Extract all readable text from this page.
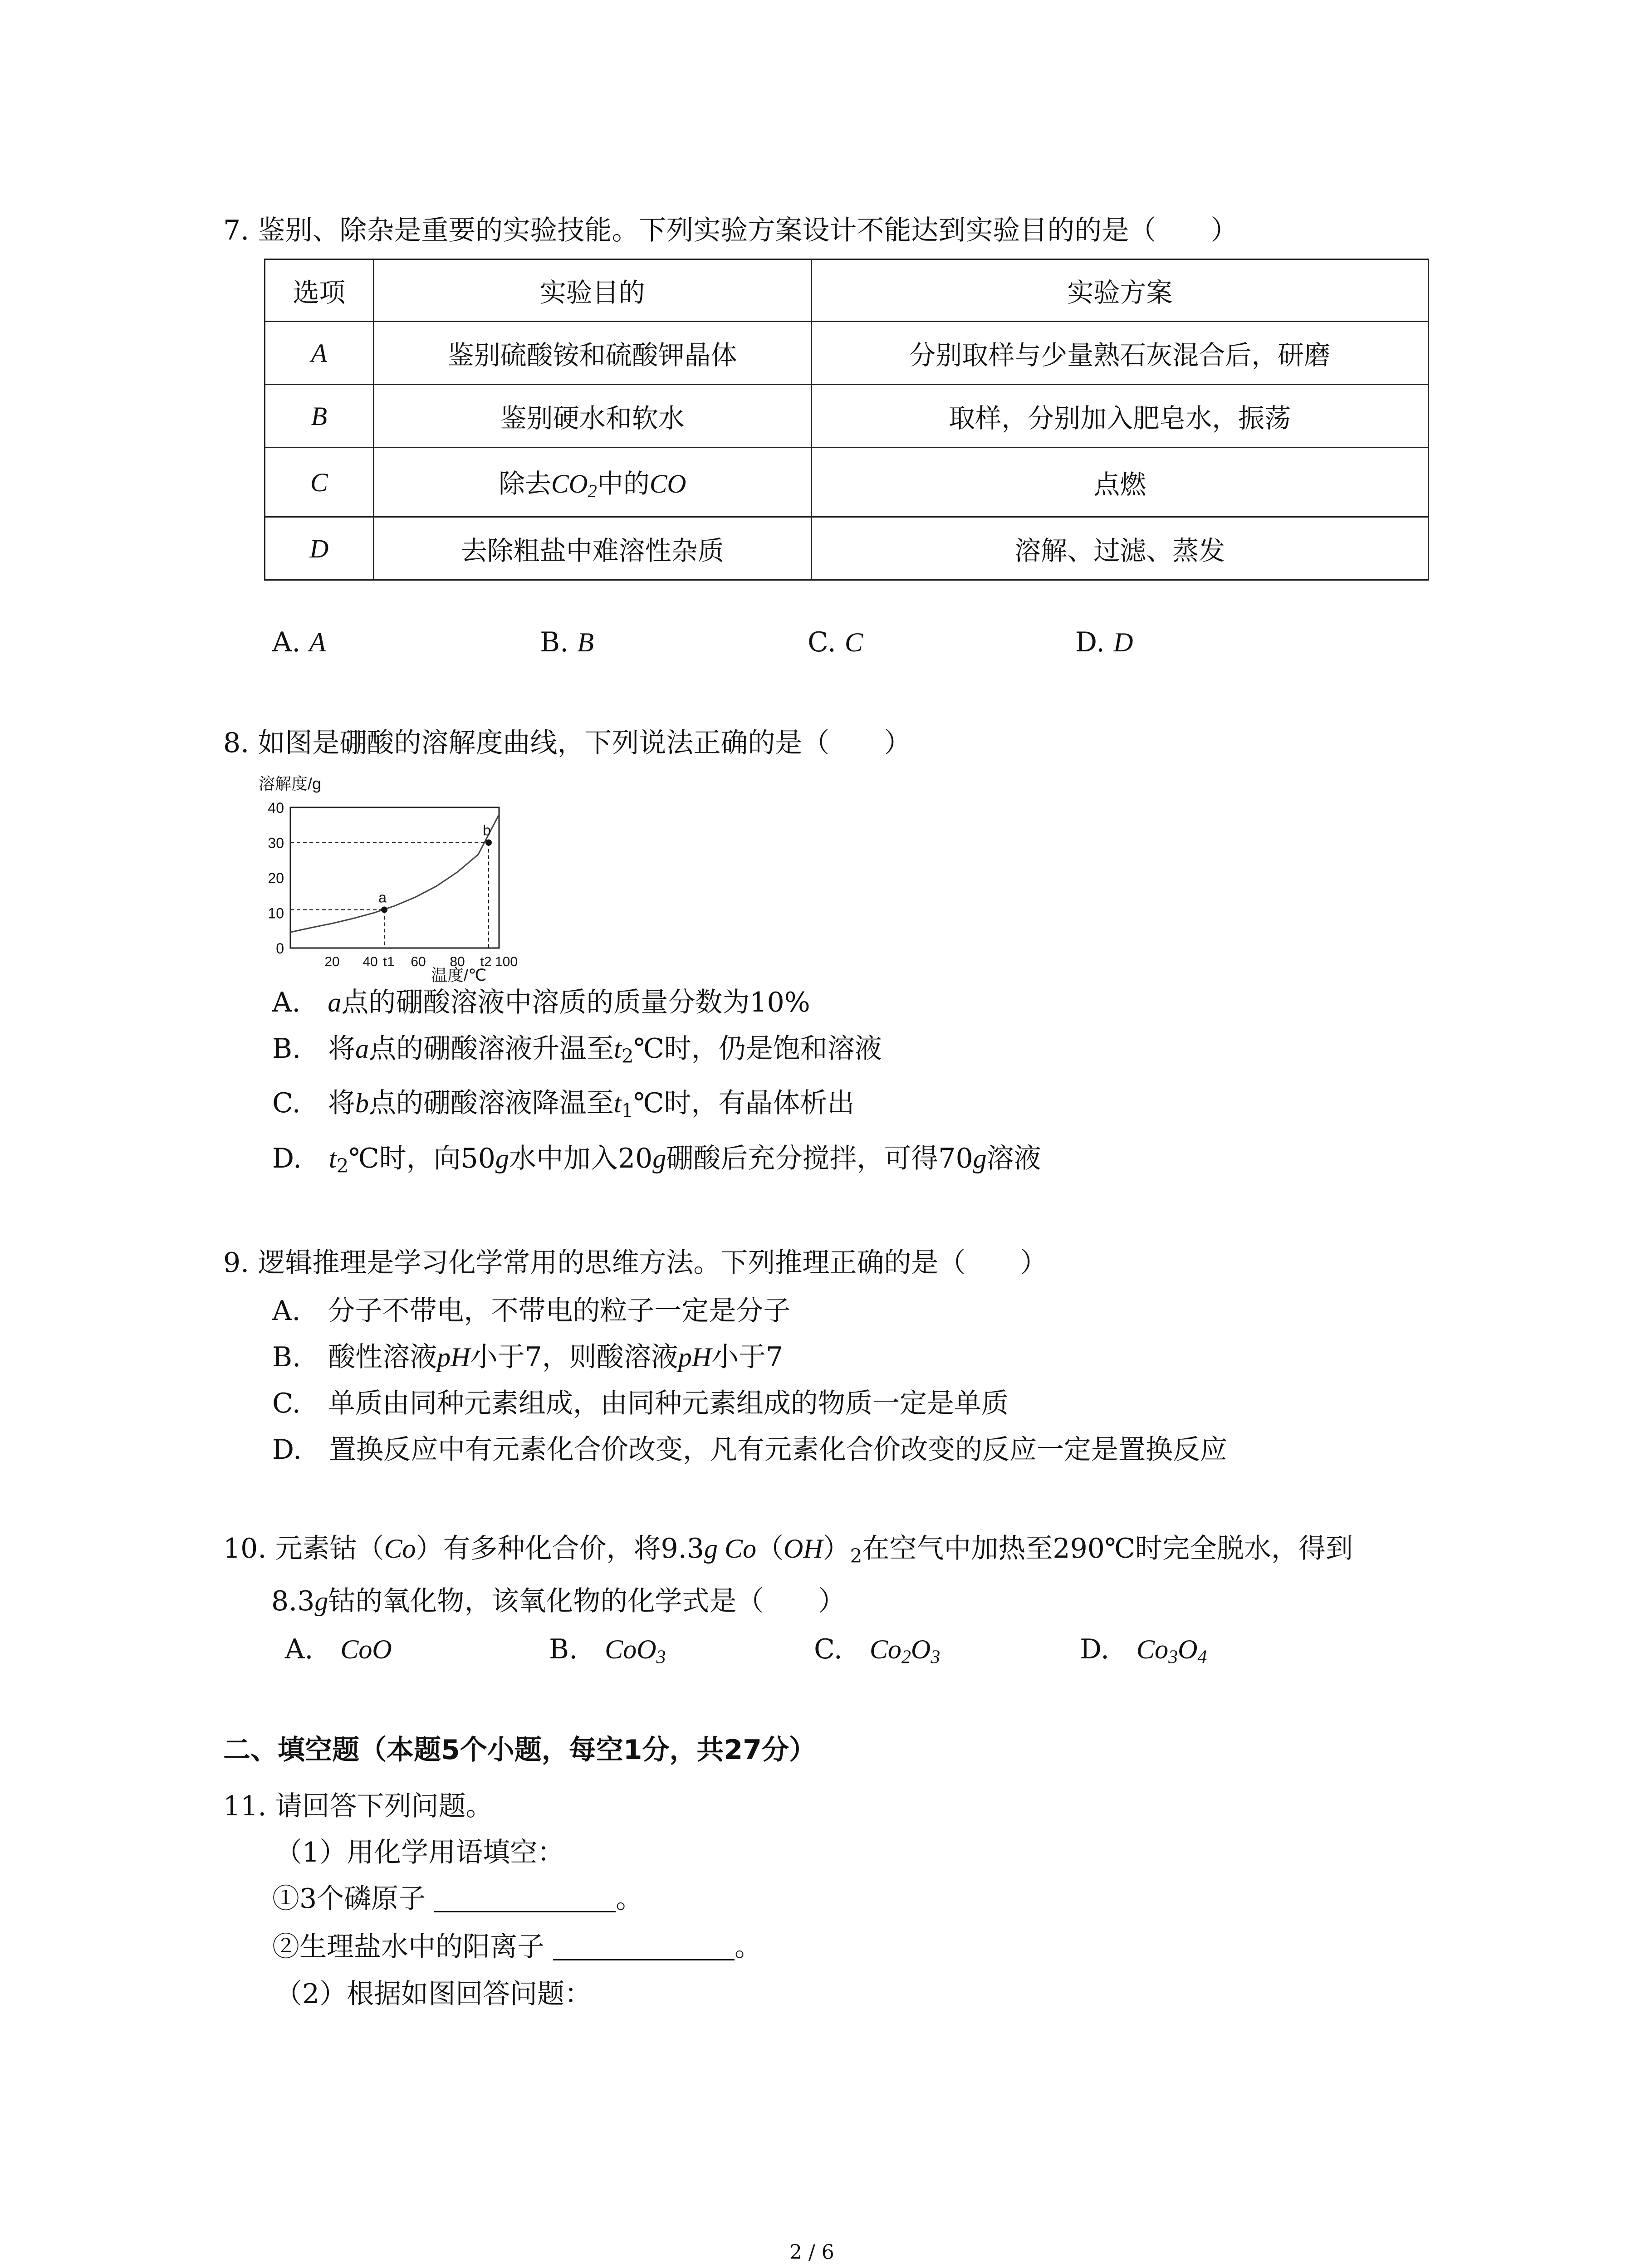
7. 鉴别、除杂是重要的实验技能。下列实验方案设计不能达到实验目的的是（　　）
选项	实验目的	实验方案
A	鉴别硫酸铵和硫酸钾晶体	分别取样与少量熟石灰混合后，研磨
B	鉴别硬水和软水	取样，分别加入肥皂水，振荡
C	除去$CO_2$中的CO	点燃
D	去除粗盐中难溶性杂质	溶解、过滤、蒸发
A. A	B. B	C. C	D. D
8. 如图是硼酸的溶解度曲线，下列说法正确的是（　　）
溶解度/g
温度/℃
0
10
20
30
40
20 40 t1 60 80 t2 100
a
b
A.　 a点的硼酸溶液中溶质的质量分数为10%
B.　 将a点的硼酸溶液升温至$t_2℃$时，仍是饱和溶液
C.　 将b点的硼酸溶液降温至$t_1℃$时，有晶体析出
D.　 $t_2℃$时，向50g水中加入20g硼酸后充分搅拌，可得70g溶液
9. 逻辑推理是学习化学常用的思维方法。下列推理正确的是（　　）
A.　 分子不带电，不带电的粒子一定是分子
B.　 酸性溶液pH小于7，则酸溶液pH小于7
C.　 单质由同种元素组成，由同种元素组成的物质一定是单质
D.　 置换反应中有元素化合价改变，凡有元素化合价改变的反应一定是置换反应
10. 元素钴（Co）有多种化合价，将9.3g $Co(OH)_2$在空气中加热至290℃时完全脱水，得到
8.3g钴的氧化物，该氧化物的化学式是（　　）
A.　 CoO	B.　 CoO$_3$	C.　 $Co_2O_3$	D.　 $Co_3O_4$
二、填空题（本题5个小题，每空1分，共27分）
11. 请回答下列问题。
（1）用化学用语填空：
①3个磷原子	。
②生理盐水中的阳离子	。
（2）根据如图回答问题：
2 / 6
